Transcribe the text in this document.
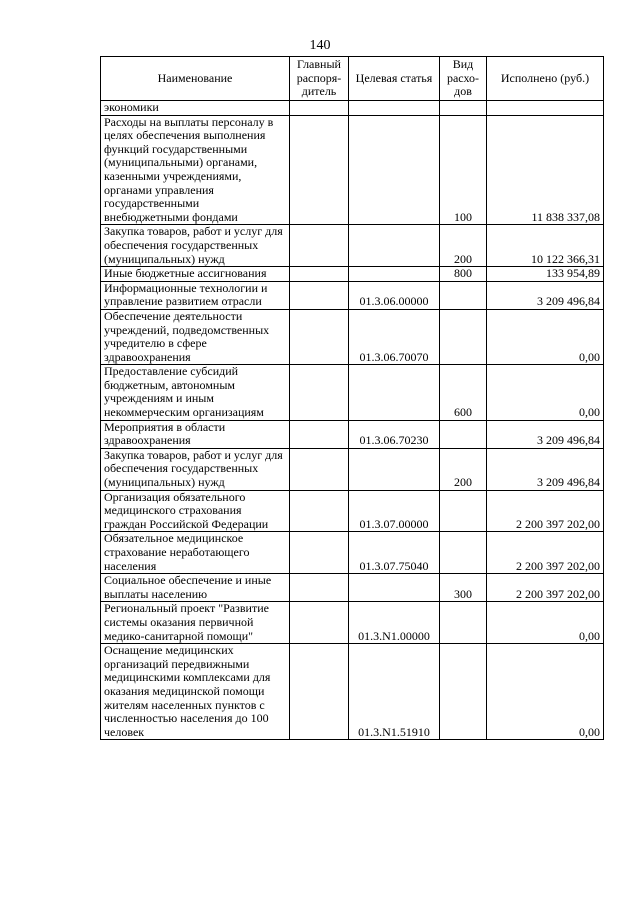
140
Наименование	Главный распоря-дитель	Целевая статья	Вид расхо-дов	Исполнено (руб.)
экономики				
Расходы на выплаты персоналу в целях обеспечения выполнения функций государственными (муниципальными) органами, казенными учреждениями, органами управления государственными внебюджетными фондами			100	11 838 337,08
Закупка товаров, работ и услуг для обеспечения государственных (муниципальных) нужд			200	10 122 366,31
Иные бюджетные ассигнования			800	133 954,89
Информационные технологии и управление развитием отрасли		01.3.06.00000		3 209 496,84
Обеспечение деятельности учреждений, подведомственных учредителю в сфере здравоохранения		01.3.06.70070		0,00
Предоставление субсидий бюджетным, автономным учреждениям и иным некоммерческим организациям			600	0,00
Мероприятия в области здравоохранения		01.3.06.70230		3 209 496,84
Закупка товаров, работ и услуг для обеспечения государственных (муниципальных) нужд			200	3 209 496,84
Организация обязательного медицинского страхования граждан Российской Федерации		01.3.07.00000		2 200 397 202,00
Обязательное медицинское страхование неработающего населения		01.3.07.75040		2 200 397 202,00
Социальное обеспечение и иные выплаты населению			300	2 200 397 202,00
Региональный проект "Развитие системы оказания первичной медико-санитарной помощи"		01.3.N1.00000		0,00
Оснащение медицинских организаций передвижными медицинскими комплексами для оказания медицинской помощи жителям населенных пунктов с численностью населения до 100 человек		01.3.N1.51910		0,00
